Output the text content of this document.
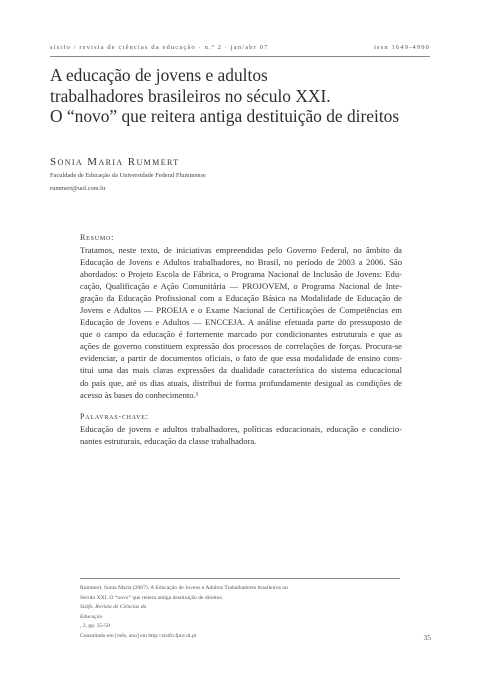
sísifo / revista de ciências da educação · n.º 2 · jan/abr 07	issn 1649-4990
A educação de jovens e adultos
trabalhadores brasileiros no século XXI.
O “novo” que reitera antiga destituição de direitos

Sonia Maria Rummert

Faculdade de Educação da Universidade Federal Fluminense
rummert@uol.com.br

Resumo:

Tratamos, neste texto, de iniciativas empreendidas pelo Governo Federal, no âmbito da
Educação de Jovens e Adultos trabalhadores, no Brasil, no período de 2003 a 2006. São
abordados: o Projeto Escola de Fábrica, o Programa Nacional de Inclusão de Jovens: Edu-
cação, Qualificação e Ação Comunitária — PROJOVEM, o Programa Nacional de Inte-
gração da Educação Profissional com a Educação Básica na Modalidade de Educação de
Jovens e Adultos — PROEJA e o Exame Nacional de Certificações de Competências em
Educação de Jovens e Adultos — ENCCEJA. A análise efetuada parte do pressuposto de
que o campo da educação é fortemente marcado por condicionantes estruturais e que as
ações de governo constituem expressão dos processos de correlações de forças. Procura-se
evidenciar, a partir de documentos oficiais, o fato de que essa modalidade de ensino cons-
titui uma das mais claras expressões da dualidade característica do sistema educacional
do país que, até os dias atuais, distribui de forma profundamente desigual as condições de
acesso às bases do conhecimento.¹

Palavras-chave:

Educação de jovens e adultos trabalhadores, políticas educacionais, educação e condicio-
nantes estruturais, educação da classe trabalhadora.

Rummert, Sonia Maria (2007). A Educação de Jovens e Adultos Trabalhadores brasileiros no
Século XXI. O “novo” que reitera antiga destituição de direitos.
Sísifo. Revista de Ciências da
Educação
, 2, pp. 35-50
Consultado em [mês, ano] em http://sisifo.fpce.ul.pt	35
